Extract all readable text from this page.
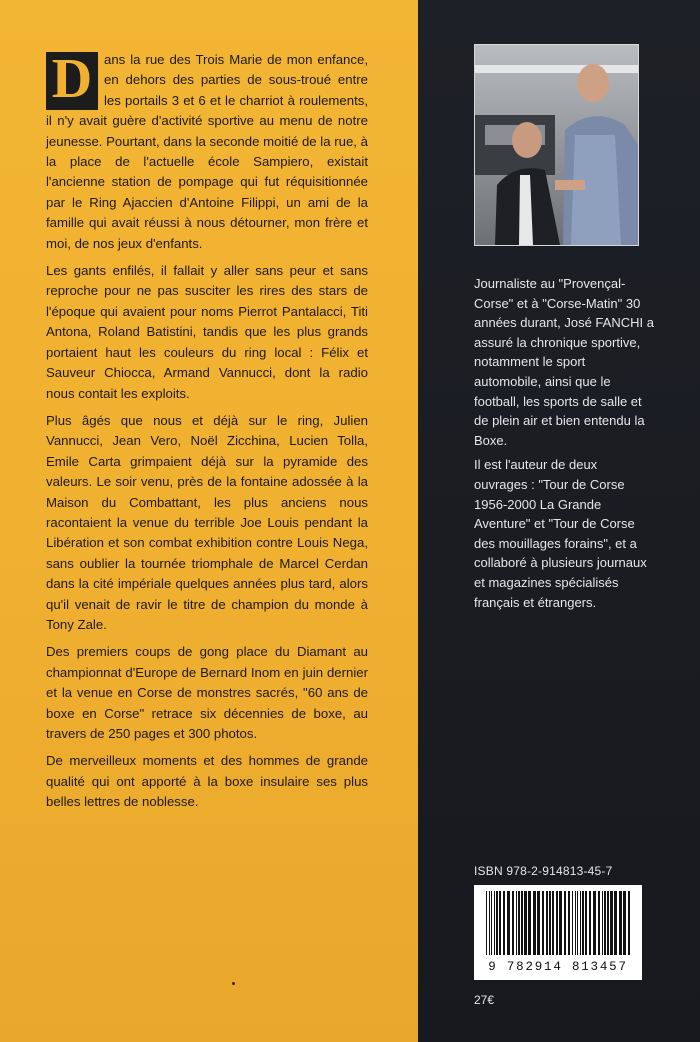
D ans la rue des Trois Marie de mon enfance, en dehors des parties de sous-troué entre les portails 3 et 6 et le charriot à roulements, il n'y avait guère d'activité sportive au menu de notre jeunesse. Pourtant, dans la seconde moitié de la rue, à la place de l'actuelle école Sampiero, existait l'ancienne station de pompage qui fut réquisitionnée par le Ring Ajaccien d'Antoine Filippi, un ami de la famille qui avait réussi à nous détourner, mon frère et moi, de nos jeux d'enfants.

Les gants enfilés, il fallait y aller sans peur et sans reproche pour ne pas susciter les rires des stars de l'époque qui avaient pour noms Pierrot Pantalacci, Titi Antona, Roland Batistini, tandis que les plus grands portaient haut les couleurs du ring local : Félix et Sauveur Chiocca, Armand Vannucci, dont la radio nous contait les exploits.

Plus âgés que nous et déjà sur le ring, Julien Vannucci, Jean Vero, Noël Zicchina, Lucien Tolla, Emile Carta grimpaient déjà sur la pyramide des valeurs. Le soir venu, près de la fontaine adossée à la Maison du Combattant, les plus anciens nous racontaient la venue du terrible Joe Louis pendant la Libération et son combat exhibition contre Louis Nega, sans oublier la tournée triomphale de Marcel Cerdan dans la cité impériale quelques années plus tard, alors qu'il venait de ravir le titre de champion du monde à Tony Zale.

Des premiers coups de gong place du Diamant au championnat d'Europe de Bernard Inom en juin dernier et la venue en Corse de monstres sacrés, "60 ans de boxe en Corse" retrace six décennies de boxe, au travers de 250 pages et 300 photos.

De merveilleux moments et des hommes de grande qualité qui ont apporté à la boxe insulaire ses plus belles lettres de noblesse.

Journaliste au "Provençal-Corse" et à "Corse-Matin" 30 années durant, José FANCHI a assuré la chronique sportive, notamment le sport automobile, ainsi que le football, les sports de salle et de plein air et bien entendu la Boxe.

Il est l'auteur de deux ouvrages : "Tour de Corse 1956-2000 La Grande Aventure" et "Tour de Corse des mouillages forains", et a collaboré à plusieurs journaux et magazines spécialisés français et étrangers.

ISBN 978-2-914813-45-7
9 782914 813457
27€
